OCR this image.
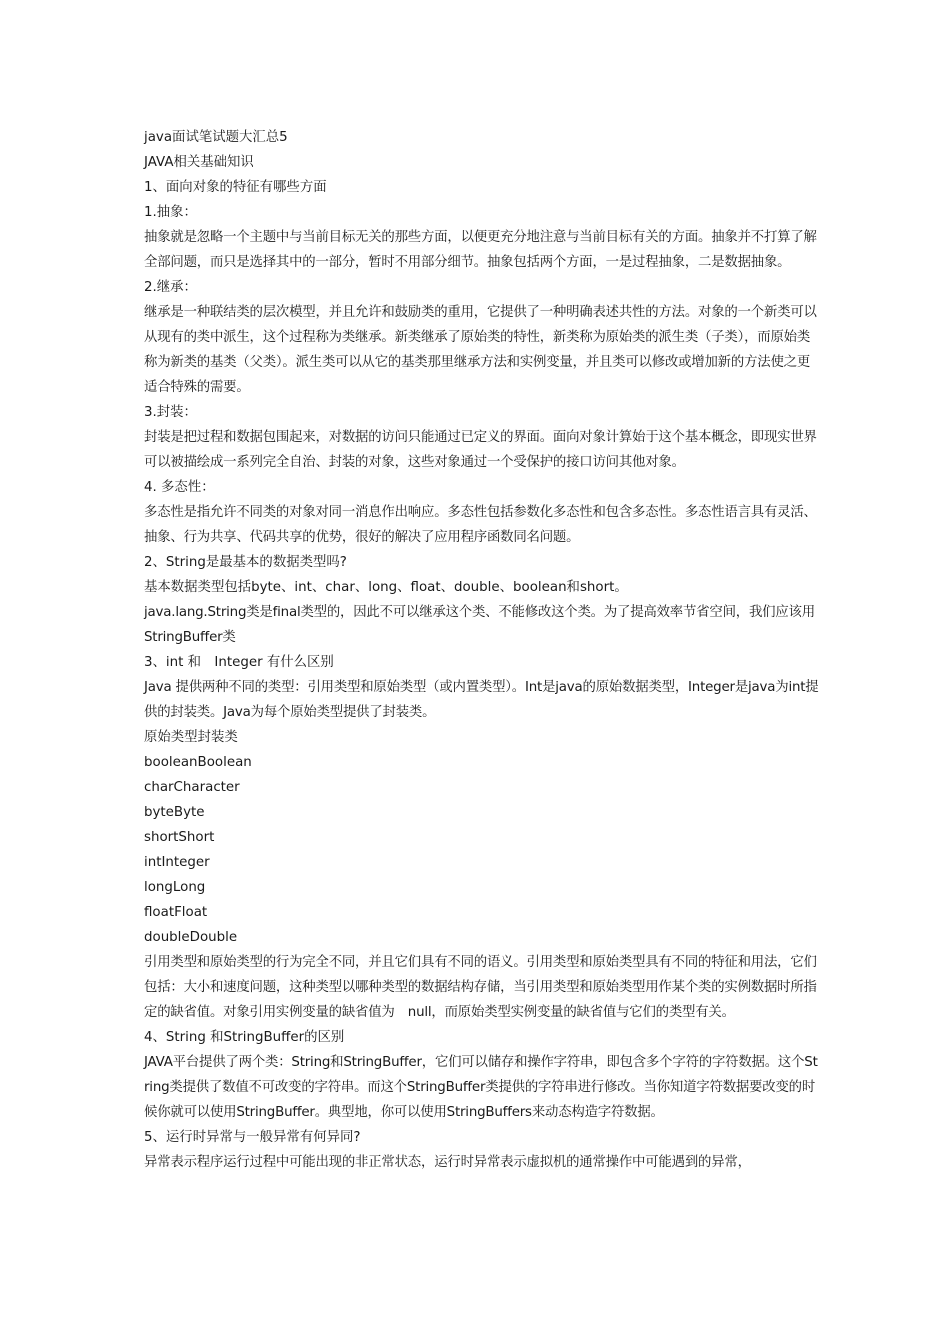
java面试笔试题大汇总5

JAVA相关基础知识

1、面向对象的特征有哪些方面

1.抽象：

抽象就是忽略一个主题中与当前目标无关的那些方面，以便更充分地注意与当前目标有关的方面。抽象并不打算了解全部问题，而只是选择其中的一部分，暂时不用部分细节。抽象包括两个方面，一是过程抽象，二是数据抽象。

2.继承：

继承是一种联结类的层次模型，并且允许和鼓励类的重用，它提供了一种明确表述共性的方法。对象的一个新类可以从现有的类中派生，这个过程称为类继承。新类继承了原始类的特性，新类称为原始类的派生类（子类），而原始类称为新类的基类（父类）。派生类可以从它的基类那里继承方法和实例变量，并且类可以修改或增加新的方法使之更适合特殊的需要。

3.封装：

封装是把过程和数据包围起来，对数据的访问只能通过已定义的界面。面向对象计算始于这个基本概念，即现实世界可以被描绘成一系列完全自治、封装的对象，这些对象通过一个受保护的接口访问其他对象。

4. 多态性：

多态性是指允许不同类的对象对同一消息作出响应。多态性包括参数化多态性和包含多态性。多态性语言具有灵活、抽象、行为共享、代码共享的优势，很好的解决了应用程序函数同名问题。

2、String是最基本的数据类型吗?

基本数据类型包括byte、int、char、long、float、double、boolean和short。

java.lang.String类是final类型的，因此不可以继承这个类、不能修改这个类。为了提高效率节省空间，我们应该用StringBuffer类

3、int 和　Integer 有什么区别

Java 提供两种不同的类型：引用类型和原始类型（或内置类型）。Int是java的原始数据类型，Integer是java为int提供的封装类。Java为每个原始类型提供了封装类。

原始类型封装类

booleanBoolean

charCharacter

byteByte

shortShort

intInteger

longLong

floatFloat

doubleDouble

引用类型和原始类型的行为完全不同，并且它们具有不同的语义。引用类型和原始类型具有不同的特征和用法，它们包括：大小和速度问题，这种类型以哪种类型的数据结构存储，当引用类型和原始类型用作某个类的实例数据时所指定的缺省值。对象引用实例变量的缺省值为　null，而原始类型实例变量的缺省值与它们的类型有关。

4、String 和StringBuffer的区别

JAVA平台提供了两个类：String和StringBuffer，它们可以储存和操作字符串，即包含多个字符的字符数据。这个String类提供了数值不可改变的字符串。而这个StringBuffer类提供的字符串进行修改。当你知道字符数据要改变的时候你就可以使用StringBuffer。典型地，你可以使用StringBuffers来动态构造字符数据。

5、运行时异常与一般异常有何异同?

异常表示程序运行过程中可能出现的非正常状态，运行时异常表示虚拟机的通常操作中可能遇到的异常，
